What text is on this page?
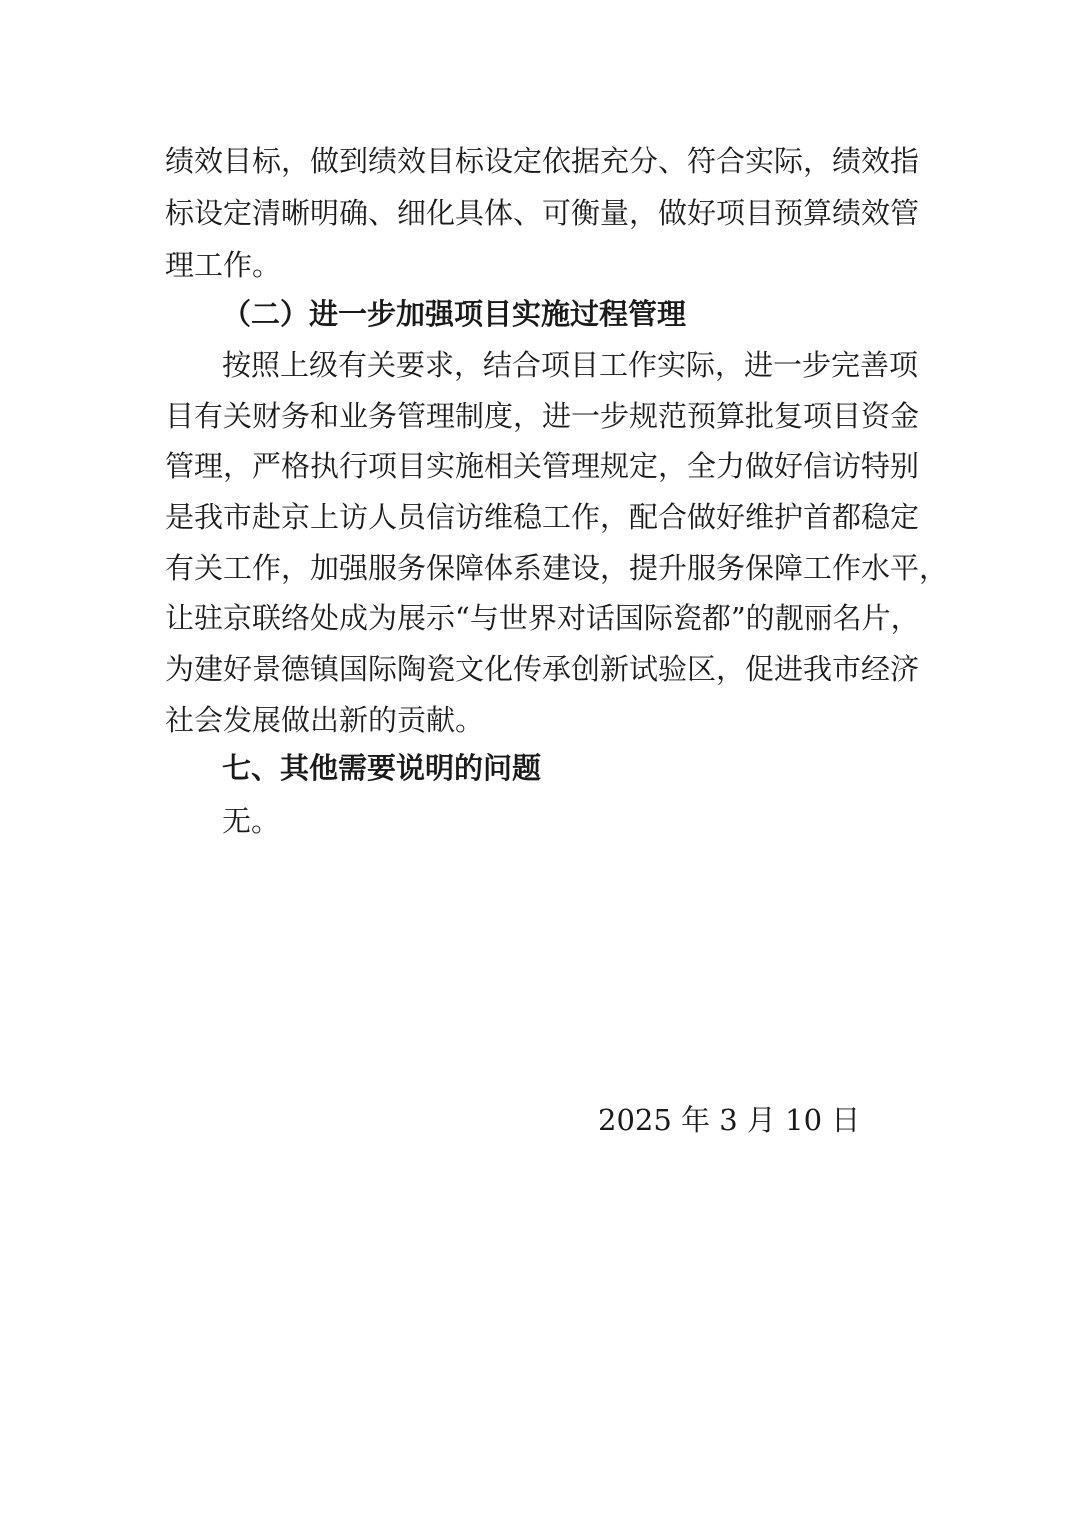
绩效目标，做到绩效目标设定依据充分、符合实际，绩效指
标设定清晰明确、细化具体、可衡量，做好项目预算绩效管
理工作。
（二）进一步加强项目实施过程管理
按照上级有关要求，结合项目工作实际，进一步完善项
目有关财务和业务管理制度，进一步规范预算批复项目资金
管理，严格执行项目实施相关管理规定，全力做好信访特别
是我市赴京上访人员信访维稳工作，配合做好维护首都稳定
有关工作，加强服务保障体系建设，提升服务保障工作水平，
让驻京联络处成为展示“与世界对话国际瓷都”的靓丽名片，
为建好景德镇国际陶瓷文化传承创新试验区，促进我市经济
社会发展做出新的贡献。
七、其他需要说明的问题
无。
2025 年 3 月 10 日
